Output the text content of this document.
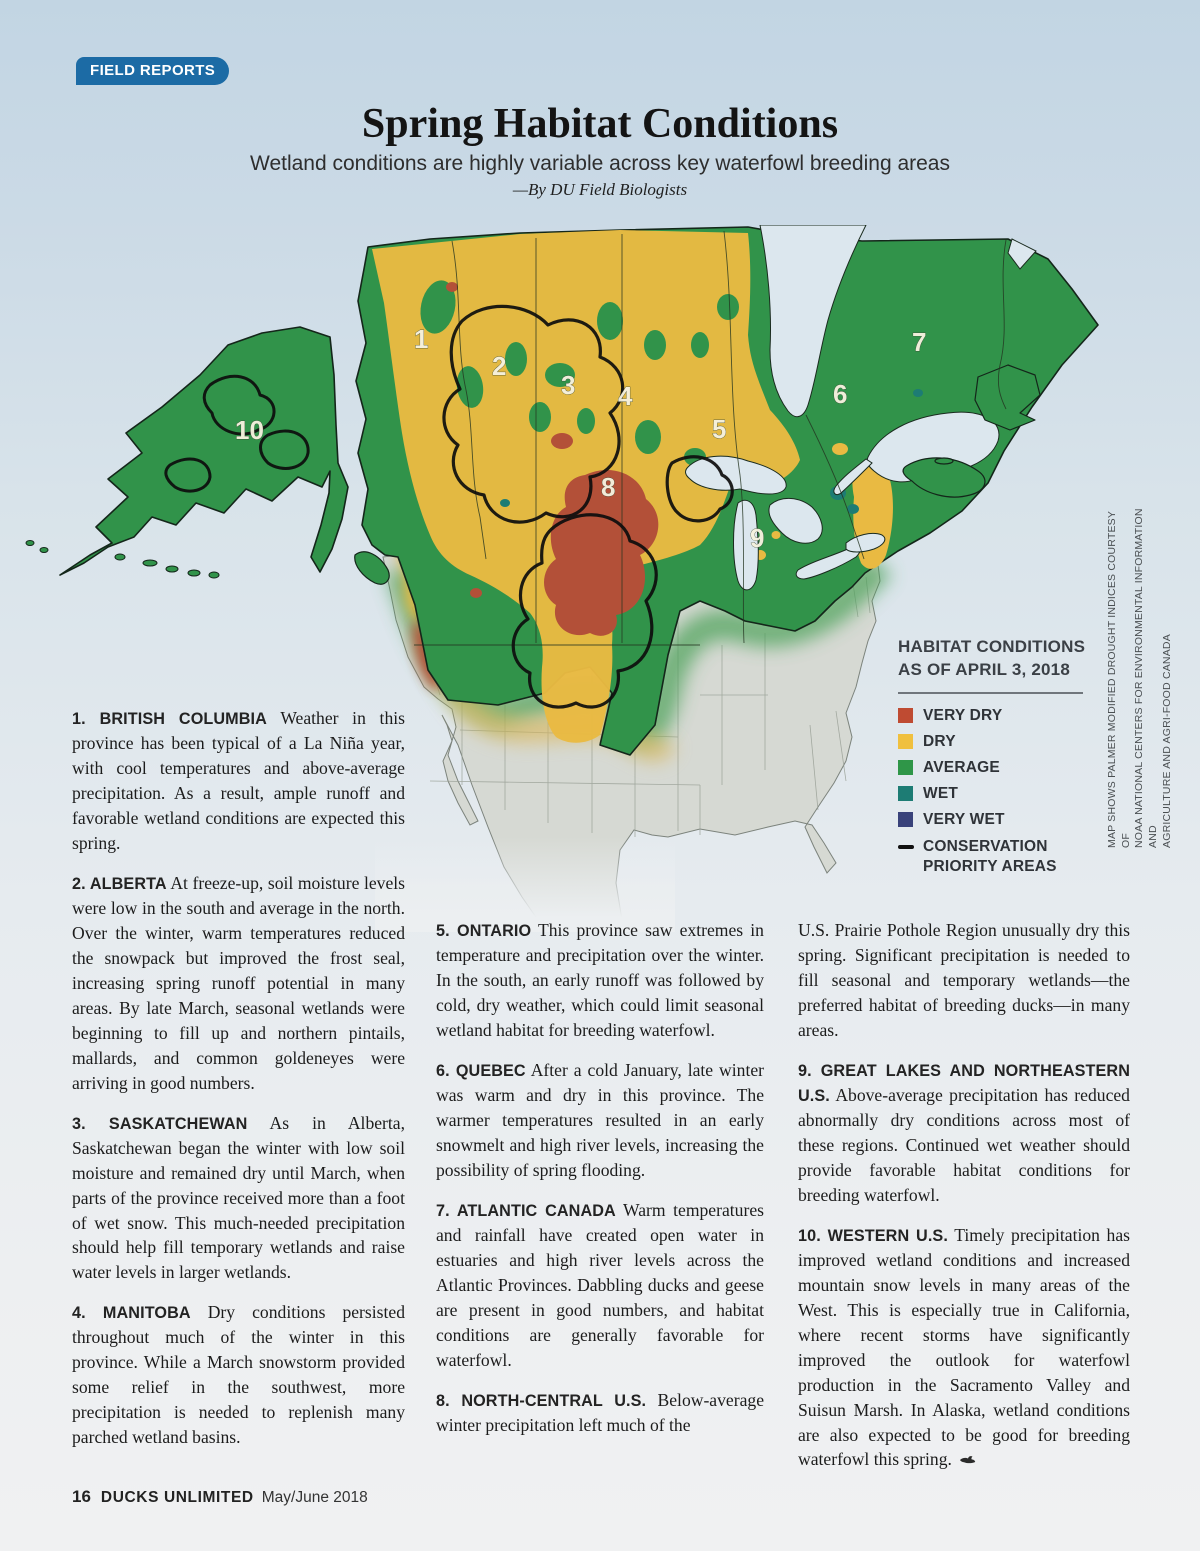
FIELD REPORTS
Spring Habitat Conditions
Wetland conditions are highly variable across key waterfowl breeding areas
—By DU Field Biologists
1
2
3 4
5
6
7
8
9
10
HABITAT CONDITIONS
AS OF APRIL 3, 2018
VERY DRY
DRY
AVERAGE
WET
VERY WET
CONSERVATION PRIORITY AREAS
MAP SHOWS PALMER MODIFIED DROUGHT INDICES COURTESY OF NOAA NATIONAL CENTERS FOR ENVIRONMENTAL INFORMATION AND AGRICULTURE AND AGRI-FOOD CANADA

1. BRITISH COLUMBIA Weather in this province has been typical of a La Niña year, with cool temperatures and above-average precipitation. As a result, ample runoff and favorable wetland conditions are expected this spring.

2. ALBERTA At freeze-up, soil moisture levels were low in the south and average in the north. Over the winter, warm temperatures reduced the snowpack but improved the frost seal, increasing spring runoff potential in many areas. By late March, seasonal wetlands were beginning to fill up and northern pintails, mallards, and common goldeneyes were arriving in good numbers.

3. SASKATCHEWAN As in Alberta, Saskatchewan began the winter with low soil moisture and remained dry until March, when parts of the province received more than a foot of wet snow. This much-needed precipitation should help fill temporary wetlands and raise water levels in larger wetlands.

4. MANITOBA Dry conditions persisted throughout much of the winter in this province. While a March snowstorm provided some relief in the southwest, more precipitation is needed to replenish many parched wetland basins.

5. ONTARIO This province saw extremes in temperature and precipitation over the winter. In the south, an early runoff was followed by cold, dry weather, which could limit seasonal wetland habitat for breeding waterfowl.

6. QUEBEC After a cold January, late winter was warm and dry in this province. The warmer temperatures resulted in an early snowmelt and high river levels, increasing the possibility of spring flooding.

7. ATLANTIC CANADA Warm temperatures and rainfall have created open water in estuaries and high river levels across the Atlantic Provinces. Dabbling ducks and geese are present in good numbers, and habitat conditions are generally favorable for waterfowl.

8. NORTH-CENTRAL U.S. Below-average winter precipitation left much of the

U.S. Prairie Pothole Region unusually dry this spring. Significant precipitation is needed to fill seasonal and temporary wetlands—the preferred habitat of breeding ducks—in many areas.

9. GREAT LAKES AND NORTHEASTERN U.S. Above-average precipitation has reduced abnormally dry conditions across most of these regions. Continued wet weather should provide favorable habitat conditions for breeding waterfowl.

10. WESTERN U.S. Timely precipitation has improved wetland conditions and increased mountain snow levels in many areas of the West. This is especially true in California, where recent storms have significantly improved the outlook for waterfowl production in the Sacramento Valley and Suisun Marsh. In Alaska, wetland conditions are also expected to be good for breeding waterfowl this spring.

16 DUCKS UNLIMITED May/June 2018
